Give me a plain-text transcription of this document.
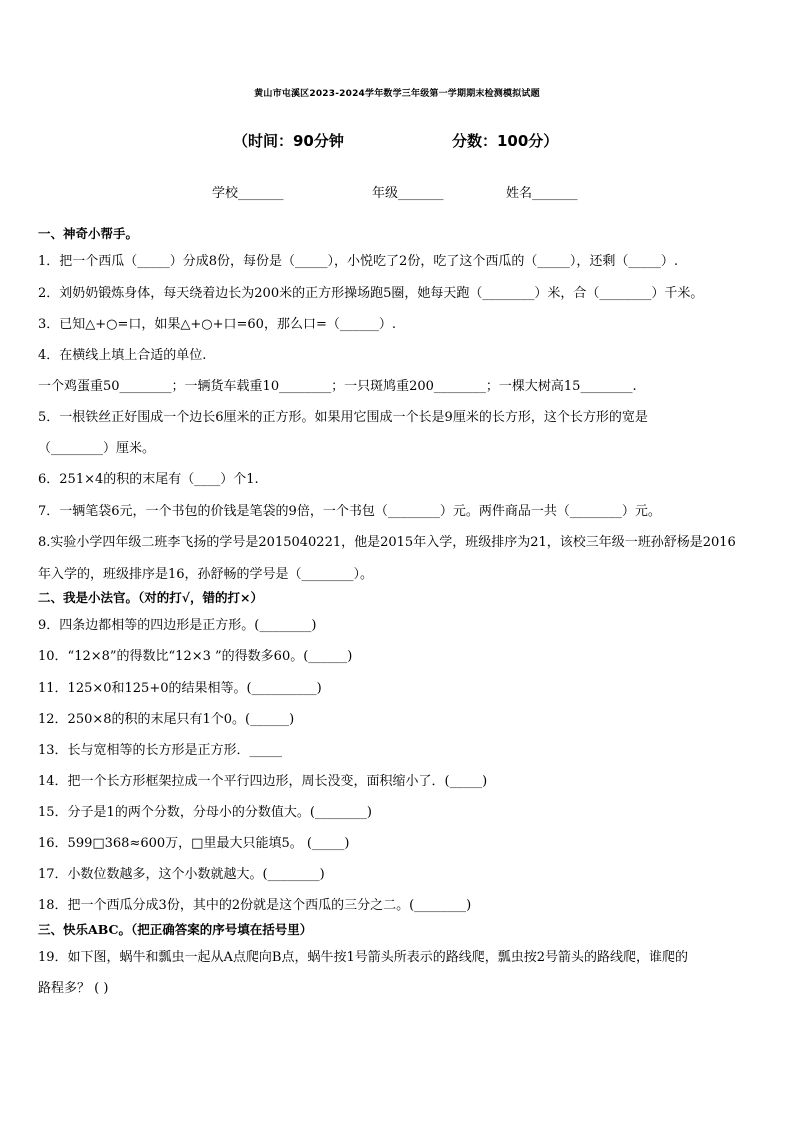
黄山市屯溪区2023-2024学年数学三年级第一学期期末检测模拟试题
（时间：90分钟	分数：100分）
学校_______	年级_______	姓名_______
一、神奇小帮手。
1．把一个西瓜（_____）分成8份，每份是（_____），小悦吃了2份，吃了这个西瓜的（_____），还剩（_____）.
2．刘奶奶锻炼身体，每天绕着边长为200米的正方形操场跑5圈，她每天跑（________）米，合（________）千米。
3．已知△+○=口，如果△+○+口=60，那么口=（______）.
4．在横线上填上合适的单位.
一个鸡蛋重50________；一辆货车载重10________；一只斑鸠重200________；一棵大树高15________.
5．一根铁丝正好围成一个边长6厘米的正方形。如果用它围成一个长是9厘米的长方形，这个长方形的宽是
（________）厘米。
6．251×4的积的末尾有（____）个1.
7．一辆笔袋6元，一个书包的价钱是笔袋的9倍，一个书包（________）元。两件商品一共（________）元。
8.实验小学四年级二班李飞扬的学号是2015040221，他是2015年入学，班级排序为21，该校三年级一班孙舒杨是2016
年入学的，班级排序是16，孙舒畅的学号是（________）。
二、我是小法官。（对的打√，错的打×）
9．四条边都相等的四边形是正方形。(________)
10．“12×8”的得数比“12×3 ”的得数多60。(______)
11．125×0和125+0的结果相等。(__________)
12．250×8的积的末尾只有1个0。(______)
13．长与宽相等的长方形是正方形．_____
14．把一个长方形框架拉成一个平行四边形，周长没变，面积缩小了．(_____)
15．分子是1的两个分数，分母小的分数值大。(________)
16．599□368≈600万，□里最大只能填5。 (_____)
17．小数位数越多，这个小数就越大。(________)
18．把一个西瓜分成3份，其中的2份就是这个西瓜的三分之二。(________)
三、快乐ABC。（把正确答案的序号填在括号里）
19．如下图，蜗牛和瓢虫一起从A点爬向B点，蜗牛按1号箭头所表示的路线爬，瓢虫按2号箭头的路线爬，谁爬的
路程多？ ( )
